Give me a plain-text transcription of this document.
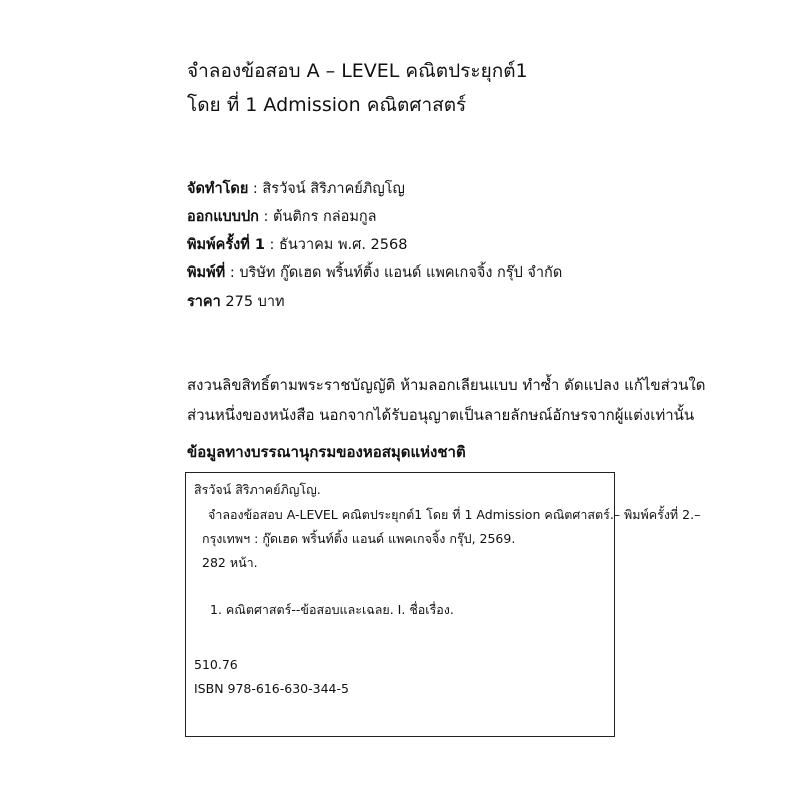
จำลองข้อสอบ A – LEVEL คณิตประยุกต์1
โดย ที่ 1 Admission คณิตศาสตร์
จัดทำโดย : สิรวัจน์ สิริภาคย์ภิญโญ
ออกแบบปก : ต้นติกร กล่อมกูล
พิมพ์ครั้งที่ 1 : ธันวาคม พ.ศ. 2568
พิมพ์ที่ : บริษัท กู๊ดเฮด พริ้นท์ติ้ง แอนด์ แพคเกจจิ้ง กรุ๊ป จำกัด
ราคา 275 บาท
สงวนลิขสิทธิ์ตามพระราชบัญญัติ ห้ามลอกเลียนแบบ ทำซ้ำ ดัดแปลง แก้ไขส่วนใด
ส่วนหนึ่งของหนังสือ นอกจากได้รับอนุญาตเป็นลายลักษณ์อักษรจากผู้แต่งเท่านั้น
ข้อมูลทางบรรณานุกรมของหอสมุดแห่งชาติ
สิรวัจน์ สิริภาคย์ภิญโญ.
จำลองข้อสอบ A-LEVEL คณิตประยุกต์1 โดย ที่ 1 Admission คณิตศาสตร์.– พิมพ์ครั้งที่ 2.–
กรุงเทพฯ : กู๊ดเฮด พริ้นท์ติ้ง แอนด์ แพคเกจจิ้ง กรุ๊ป, 2569.
282 หน้า.
1. คณิตศาสตร์--ข้อสอบและเฉลย. I. ชื่อเรื่อง.
510.76
ISBN 978-616-630-344-5
